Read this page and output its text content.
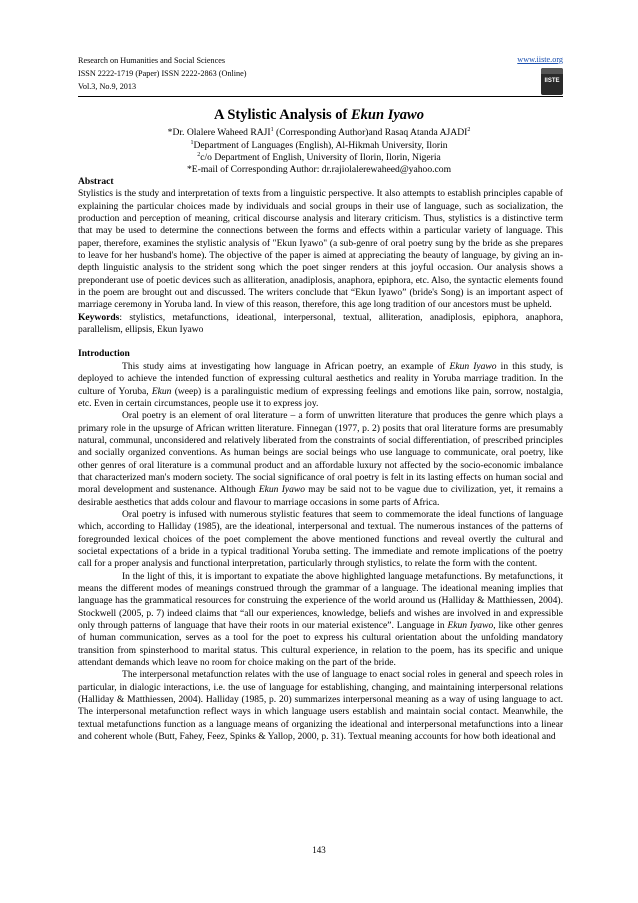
Research on Humanities and Social Sciences
ISSN 2222-1719 (Paper) ISSN 2222-2863 (Online)
Vol.3, No.9, 2013
www.iiste.org
IISTE
A Stylistic Analysis of Ekun Iyawo
*Dr. Olalere Waheed RAJI$^1$ (Corresponding Author)and Rasaq Atanda AJADI$^2$
$^1$Department of Languages (English), Al-Hikmah University, Ilorin
$^2$c/o Department of English, University of Ilorin, Ilorin, Nigeria
*E-mail of Corresponding Author: dr.rajiolalerewaheed@yahoo.com

Abstract

Stylistics is the study and interpretation of texts from a linguistic perspective. It also attempts to establish principles capable of explaining the particular choices made by individuals and social groups in their use of language, such as socialization, the production and perception of meaning, critical discourse analysis and literary criticism. Thus, stylistics is a distinctive term that may be used to determine the connections between the forms and effects within a particular variety of language. This paper, therefore, examines the stylistic analysis of "Ekun Iyawo" (a sub-genre of oral poetry sung by the bride as she prepares to leave for her husband's home). The objective of the paper is aimed at appreciating the beauty of language, by giving an in-depth linguistic analysis to the strident song which the poet singer renders at this joyful occasion. Our analysis shows a preponderant use of poetic devices such as alliteration, anadiplosis, anaphora, epiphora, etc. Also, the syntactic elements found in the poem are brought out and discussed. The writers conclude that “Ekun Iyawo” (bride's Song) is an important aspect of marriage ceremony in Yoruba land. In view of this reason, therefore, this age long tradition of our ancestors must be upheld.

Keywords: stylistics, metafunctions, ideational, interpersonal, textual, alliteration, anadiplosis, epiphora, anaphora, parallelism, ellipsis, Ekun Iyawo

Introduction

This study aims at investigating how language in African poetry, an example of Ekun Iyawo in this study, is deployed to achieve the intended function of expressing cultural aesthetics and reality in Yoruba marriage tradition. In the culture of Yoruba, Ekun (weep) is a paralinguistic medium of expressing feelings and emotions like pain, sorrow, nostalgia, etc. Even in certain circumstances, people use it to express joy.

Oral poetry is an element of oral literature – a form of unwritten literature that produces the genre which plays a primary role in the upsurge of African written literature. Finnegan (1977, p. 2) posits that oral literature forms are presumably natural, communal, unconsidered and relatively liberated from the constraints of social differentiation, of prescribed principles and socially organized conventions. As human beings are social beings who use language to communicate, oral poetry, like other genres of oral literature is a communal product and an affordable luxury not affected by the socio-economic imbalance that characterized man's modern society. The social significance of oral poetry is felt in its lasting effects on human social and moral development and sustenance. Although Ekun Iyawo may be said not to be vague due to civilization, yet, it remains a desirable aesthetics that adds colour and flavour to marriage occasions in some parts of Africa.

Oral poetry is infused with numerous stylistic features that seem to commemorate the ideal functions of language which, according to Halliday (1985), are the ideational, interpersonal and textual. The numerous instances of the patterns of foregrounded lexical choices of the poet complement the above mentioned functions and reveal overtly the cultural and societal expectations of a bride in a typical traditional Yoruba setting. The immediate and remote implications of the poetry call for a proper analysis and functional interpretation, particularly through stylistics, to relate the form with the content.

In the light of this, it is important to expatiate the above highlighted language metafunctions. By metafunctions, it means the different modes of meanings construed through the grammar of a language. The ideational meaning implies that language has the grammatical resources for construing the experience of the world around us (Halliday & Matthiessen, 2004). Stockwell (2005, p. 7) indeed claims that “all our experiences, knowledge, beliefs and wishes are involved in and expressible only through patterns of language that have their roots in our material existence”. Language in Ekun Iyawo, like other genres of human communication, serves as a tool for the poet to express his cultural orientation about the unfolding mandatory transition from spinsterhood to marital status. This cultural experience, in relation to the poem, has its specific and unique attendant demands which leave no room for choice making on the part of the bride.

The interpersonal metafunction relates with the use of language to enact social roles in general and speech roles in particular, in dialogic interactions, i.e. the use of language for establishing, changing, and maintaining interpersonal relations (Halliday & Matthiessen, 2004). Halliday (1985, p. 20) summarizes interpersonal meaning as a way of using language to act. The interpersonal metafunction reflect ways in which language users establish and maintain social contact. Meanwhile, the textual metafunctions function as a language means of organizing the ideational and interpersonal metafunctions into a linear and coherent whole (Butt, Fahey, Feez, Spinks & Yallop, 2000, p. 31). Textual meaning accounts for how both ideational and

143
